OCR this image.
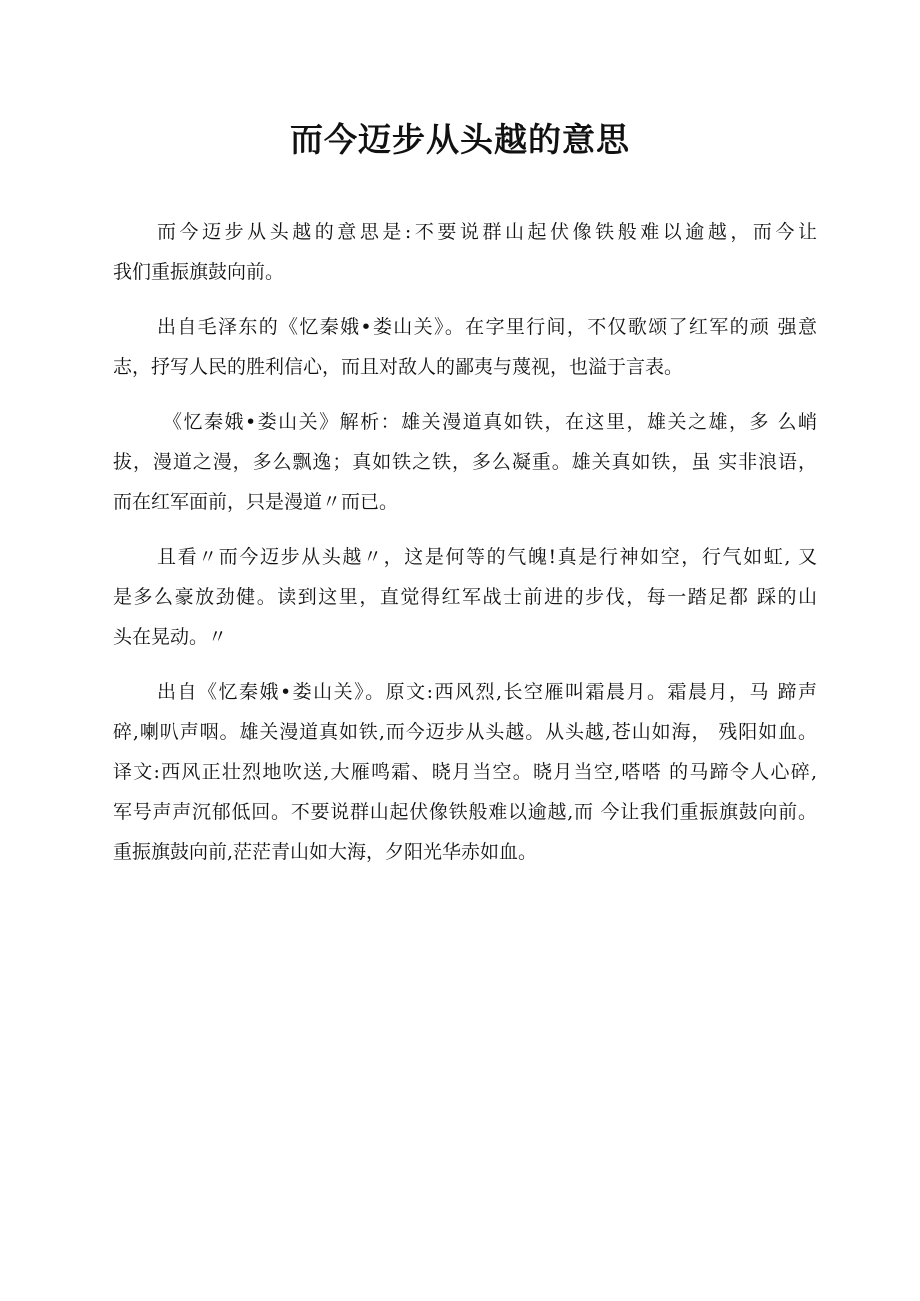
而今迈步从头越的意思

而今迈步从头越的意思是:不要说群山起伏像铁般难以逾越，而今让
我们重振旗鼓向前。

出自毛泽东的《忆秦娥•娄山关》。在字里行间，不仅歌颂了红军的顽 强意
志，抒写人民的胜利信心，而且对敌人的鄙夷与蔑视，也溢于言表。

《忆秦娥•娄山关》解析：雄关漫道真如铁，在这里，雄关之雄，多 么峭
拔，漫道之漫，多么飘逸；真如铁之铁，多么凝重。雄关真如铁，虽 实非浪语，
而在红军面前，只是漫道〃而已。

且看〃而今迈步从头越〃，这是何等的气魄!真是行神如空，行气如虹, 又
是多么豪放劲健。读到这里，直觉得红军战士前进的步伐，每一踏足都 踩的山
头在晃动。〃

出自《忆秦娥•娄山关》。原文:西风烈,长空雁叫霜晨月。霜晨月，马 蹄声
碎,喇叭声咽。雄关漫道真如铁,而今迈步从头越。从头越,苍山如海， 残阳如血。
译文:西风正壮烈地吹送,大雁鸣霜、晓月当空。晓月当空,嗒嗒 的马蹄令人心碎,
军号声声沉郁低回。不要说群山起伏像铁般难以逾越,而 今让我们重振旗鼓向前。
重振旗鼓向前,茫茫青山如大海，夕阳光华赤如血。
